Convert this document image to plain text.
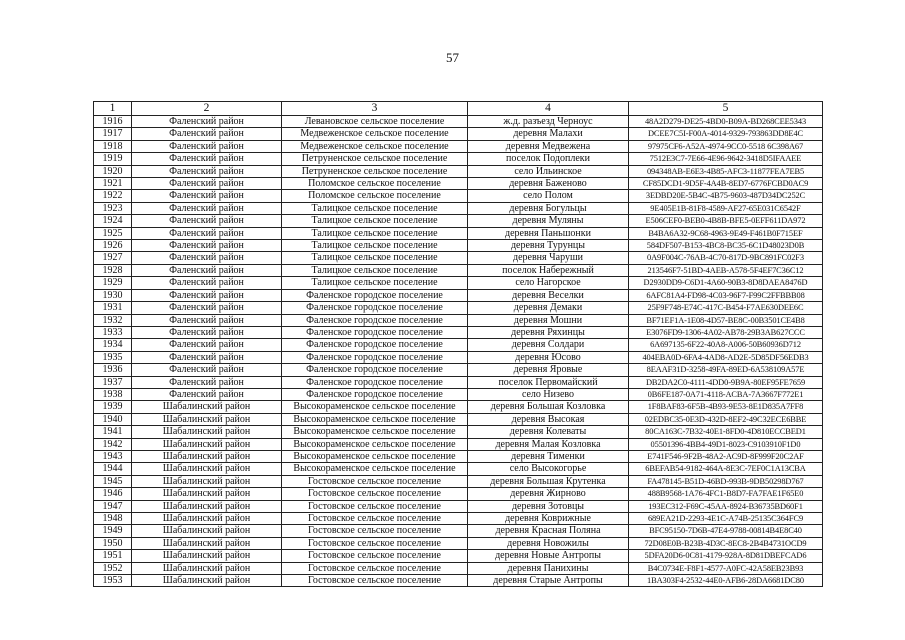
57
1	2	3	4	5
1916	Фаленский район	Левановское сельское поселение	ж.д. разъезд Черноус	48A2D279-DE25-4BD0-B09A-BD268CEE5343
1917	Фаленский район	Медвеженское сельское поселение	деревня Малахи	DCEE7C5I-F00A-4014-9329-793863DD8E4C
1918	Фаленский район	Медвеженское сельское поселение	деревня Медвежена	97975CF6-A52A-4974-9CC0-5518 6C398A67
1919	Фаленский район	Петруненское сельское поселение	поселок Подоплеки	7512E3C7-7E66-4E96-9642-3418D5IFAAEE
1920	Фаленский район	Петруненское сельское поселение	село Ильинское	094348AB-E6E3-4B85-AFC3-11877FEA7EB5
1921	Фаленский район	Поломское сельское поселение	деревня Баженово	CF85DCD1-9D5F-4A4B-8ED7-6776FCBD0AC9
1922	Фаленский район	Поломское сельское поселение	село Полом	3EDBD20E-5B4C-4B75-9603-487D34DC252C
1923	Фаленский район	Талицкое сельское поселение	деревня Богульцы	9E405E1B-81F8-4589-AF27-65E031C6542F
1924	Фаленский район	Талицкое сельское поселение	деревня Муляны	E506CEF0-BEB0-4B8B-BFE5-0EFF611DA972
1925	Фаленский район	Талицкое сельское поселение	деревня Паньшонки	B4BA6A32-9C68-4963-9E49-F461B0F715EF
1926	Фаленский район	Талицкое сельское поселение	деревня Турунцы	584DF507-B153-4BC8-BC35-6C1D48023D0B
1927	Фаленский район	Талицкое сельское поселение	деревня Чаруши	0A9F004C-76AB-4C70-817D-9BC891FC02F3
1928	Фаленский район	Талицкое сельское поселение	поселок Набережный	213546F7-51BD-4AEB-A578-5F4EF7C36C12
1929	Фаленский район	Талицкое сельское поселение	село Нагорское	D2930DD9-C6D1-4A60-90B3-8D8DAEA8476D
1930	Фаленский район	Фаленское городское поселение	деревня Веселки	6AFC81A4-FD98-4C03-96F7-F99C2FFBBB08
1931	Фаленский район	Фаленское городское поселение	деревня Демаки	25F9F748-E74C-417C-B454-F7AE630DEE6C
1932	Фаленский район	Фаленское городское поселение	деревня Мошни	BF71EF1A-1E08-4D57-BE8C-00B3501CE4B8
1933	Фаленский район	Фаленское городское поселение	деревня Ряхинцы	E3076FD9-1306-4A02-AB78-29B3AB627CCC
1934	Фаленский район	Фаленское городское поселение	деревня Солдари	6A697135-6F22-40A8-A006-50B60936D712
1935	Фаленский район	Фаленское городское поселение	деревня Юсово	404EBA0D-6FA4-4AD8-AD2E-5D85DF56EDB3
1936	Фаленский район	Фаленское городское поселение	деревня Яровые	8EAAF31D-3258-49FA-89ED-6A538109A57E
1937	Фаленский район	Фаленское городское поселение	поселок Первомайский	DB2DA2C0-4111-4DD0-9B9A-80EF95FE7659
1938	Фаленский район	Фаленское городское поселение	село Низево	0B6FE187-0A71-4118-ACBA-7A3667F772E1
1939	Шабалинский район	Высокораменское сельское поселение	деревня Большая Козловка	1F8BAF83-6F5B-4B93-9E53-8E1D835A7FF8
1940	Шабалинский район	Высокораменское сельское поселение	деревня Высокая	02EDBC35-0E3D-432D-8EF2-49C32ECE6BBE
1941	Шабалинский район	Высокораменское сельское поселение	деревня Колеваты	80CA163C-7B32-40E1-8FD0-4D810ECCBED1
1942	Шабалинский район	Высокораменское сельское поселение	деревня Малая Козловка	05501396-4BB4-49D1-8023-C9103910F1D0
1943	Шабалинский район	Высокораменское сельское поселение	деревня Тименки	E741F546-9F2B-48A2-AC9D-8F999F20C2AF
1944	Шабалинский район	Высокораменское сельское поселение	село Высокогорье	6BEFAB54-9182-464A-8E3C-7EF0C1A13CBA
1945	Шабалинский район	Гостовское сельское поселение	деревня Большая Крутенка	FA478145-B51D-46BD-993B-9DB50298D767
1946	Шабалинский район	Гостовское сельское поселение	деревня Жирново	488B9568-1A76-4FC1-B8D7-FA7FAE1F65E0
1947	Шабалинский район	Гостовское сельское поселение	деревня Зотовцы	193EC312-F69C-45AA-8924-B36735BD60F1
1948	Шабалинский район	Гостовское сельское поселение	деревня Коврижные	689EA21D-2293-4E1C-A74B-25135C364FC9
1949	Шабалинский район	Гостовское сельское поселение	деревня Красная Поляна	BFC95150-7D6B-47E4-9788-00814B4E8C40
1950	Шабалинский район	Гостовское сельское поселение	деревня Новожилы	72D08E0B-B23B-4D3C-8EC8-2B4B4731OCD9
1951	Шабалинский район	Гостовское сельское поселение	деревня Новые Антропы	5DFA20D6-0C81-4179-928A-8D81DBEFCAD6
1952	Шабалинский район	Гостовское сельское поселение	деревня Панихины	B4C0734E-F8F1-4577-A0FC-42A58EB23B93
1953	Шабалинский район	Гостовское сельское поселение	деревня Старые Антропы	1BA303F4-2532-44E0-AFB6-28DA6681DC80
